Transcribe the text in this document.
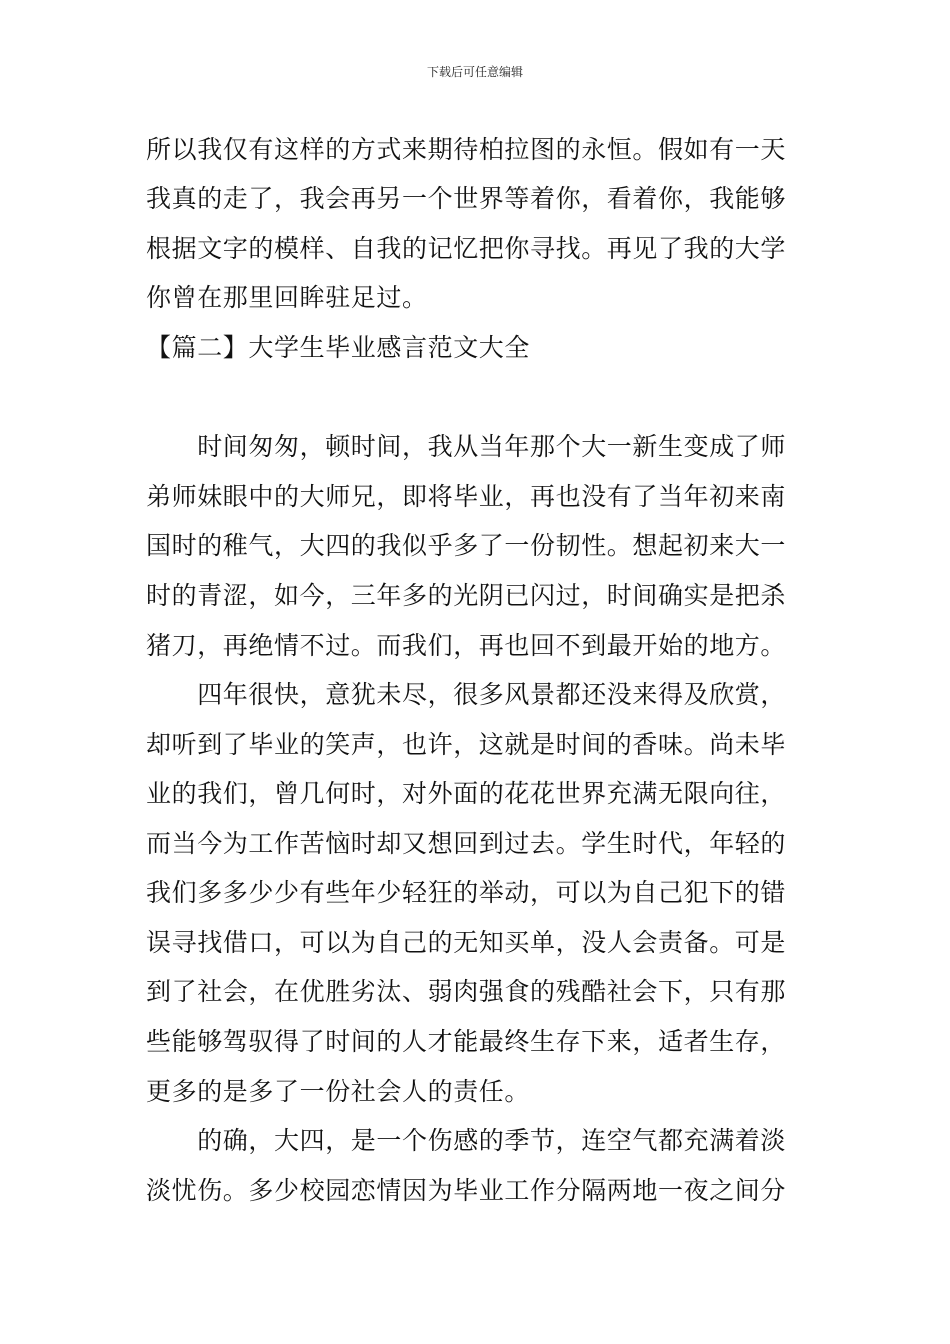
下载后可任意编辑
所以我仅有这样的方式来期待柏拉图的永恒。假如有一天
我真的走了，我会再另一个世界等着你，看着你，我能够
根据文字的模样、自我的记忆把你寻找。再见了我的大学
你曾在那里回眸驻足过。
【篇二】大学生毕业感言范文大全
　　时间匆匆，顿时间，我从当年那个大一新生变成了师
弟师妹眼中的大师兄，即将毕业，再也没有了当年初来南
国时的稚气，大四的我似乎多了一份韧性。想起初来大一
时的青涩，如今，三年多的光阴已闪过，时间确实是把杀
猪刀，再绝情不过。而我们，再也回不到最开始的地方。
　　四年很快，意犹未尽，很多风景都还没来得及欣赏，
却听到了毕业的笑声，也许，这就是时间的香味。尚未毕
业的我们，曾几何时，对外面的花花世界充满无限向往，
而当今为工作苦恼时却又想回到过去。学生时代，年轻的
我们多多少少有些年少轻狂的举动，可以为自己犯下的错
误寻找借口，可以为自己的无知买单，没人会责备。可是
到了社会，在优胜劣汰、弱肉强食的残酷社会下，只有那
些能够驾驭得了时间的人才能最终生存下来，适者生存，
更多的是多了一份社会人的责任。
　　的确，大四，是一个伤感的季节，连空气都充满着淡
淡忧伤。多少校园恋情因为毕业工作分隔两地一夜之间分
